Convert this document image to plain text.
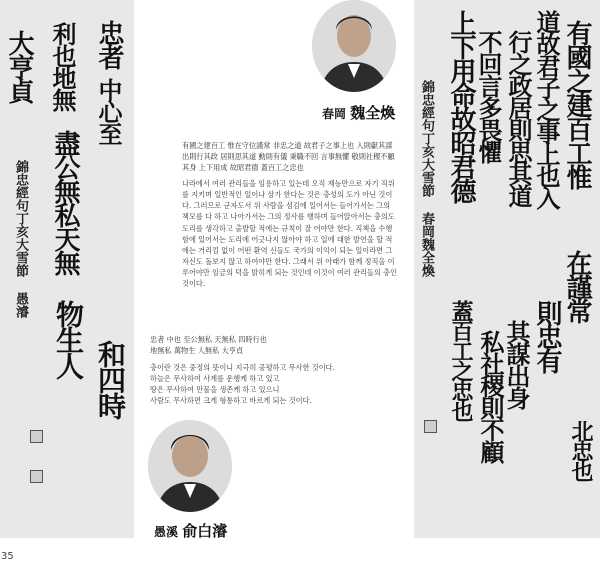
大亨貞 利也地無
中心至
忠者
盡公無私天無
物生人
和四時
錦忠經句丁亥大雪節 愚濬
有國之建百工惟
道故君子之事上也入
行之政居則思其道
不回言多畏懼
上下用命故昭君德
則忠有
在謹常
北忠也
其謀出身
私社稷則不顧
蓋百工之忠也
錦忠經句丁亥大雪節 春岡魏全煥
春岡 魏全煥

有國之建百工 惟在守位謹常 非忠之道 故君子之事上也 入則獻其謀 出則行其政 居則思其道 動則有儀 秉職不回 言事無懼 敬則社稷不顧其身 上下用成 故昭君德 蓋百工之忠也

나라에서 여러 관리들을 임용하고 있는데 오직 재능만으로 자기 직위를 지키며 일반적인 일이나 삼가 한다는 것은 충성의 도가 아닌 것이다. 그러므로 군자도서 위 사람을 섬김에 일어서는 들어가서는 그의 책모를 다 하고 나아가서는 그의 정사를 행하며 들어앉아서는 충의도 도리를 생각하고 출발할 적에는 규칙이 잘 어야만 한다. 직책을 수행함에 있어서는 도리에 어긋나지 않아야 하고 일에 대한 발언을 할 적에는 거리낌 없이 어떤 환역 신들도 국가의 이익이 되는 일이라면 그 자신도 돌보지 않고 하여야만 한다. 그래서 위 아래가 함께 정직을 이루어야만 임금의 덕을 밝히게 되는 것인데 이것이 여러 관리들의 충인 것이다.

忠者 中也 至公無私 天無私 四時行也

地無私 萬物生 人無私 大亨貞

충이란 것은 중정의 뜻이니 지극히 공평하고 무사한 것이다.

하늘은 무사하여 사계를 운행케 하고 있고

땅은 무사하여 만물을 생존케 하고 있으니

사람도 무사하면 크게 형통하고 바르게 되는 것이다.

愚溪 俞白濬
35
